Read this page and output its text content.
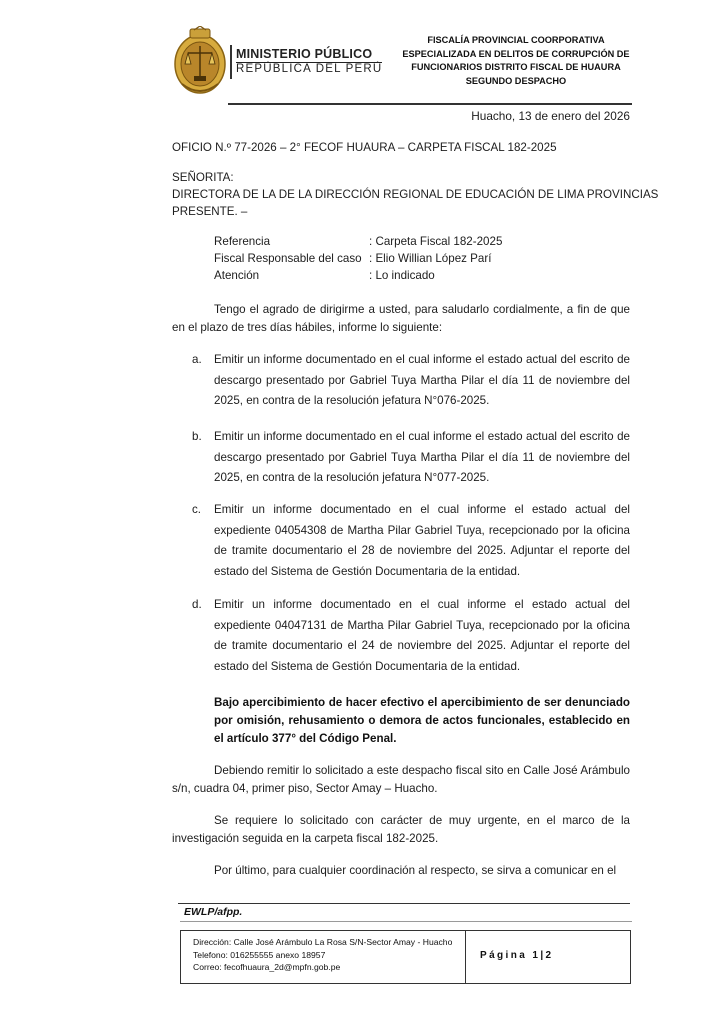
MINISTERIO PÚBLICO
REPÚBLICA DEL PERÚ
FISCALÍA PROVINCIAL COORPORATIVA
ESPECIALIZADA EN DELITOS DE CORRUPCIÓN DE
FUNCIONARIOS DISTRITO FISCAL DE HUAURA
SEGUNDO DESPACHO
Huacho, 13 de enero del 2026
OFICIO N.º 77-2026 – 2° FECOF HUAURA – CARPETA FISCAL 182-2025
SEÑORITA:
DIRECTORA DE LA DE LA DIRECCIÓN REGIONAL DE EDUCACIÓN DE LIMA PROVINCIAS
PRESENTE. –
Referencia	: Carpeta Fiscal 182-2025
Fiscal Responsable del caso : Elio Willian López Parí
Atención	: Lo indicado
Tengo el agrado de dirigirme a usted, para saludarlo cordialmente, a fin de que en el plazo de tres días hábiles, informe lo siguiente:
a.	Emitir un informe documentado en el cual informe el estado actual del escrito de descargo presentado por Gabriel Tuya Martha Pilar el día 11 de noviembre del 2025, en contra de la resolución jefatura N°076-2025.
b.	Emitir un informe documentado en el cual informe el estado actual del escrito de descargo presentado por Gabriel Tuya Martha Pilar el día 11 de noviembre del 2025, en contra de la resolución jefatura N°077-2025.
c.	Emitir un informe documentado en el cual informe el estado actual del expediente 04054308 de Martha Pilar Gabriel Tuya, recepcionado por la oficina de tramite documentario el 28 de noviembre del 2025. Adjuntar el reporte del estado del Sistema de Gestión Documentaria de la entidad.
d.	Emitir un informe documentado en el cual informe el estado actual del expediente 04047131 de Martha Pilar Gabriel Tuya, recepcionado por la oficina de tramite documentario el 24 de noviembre del 2025. Adjuntar el reporte del estado del Sistema de Gestión Documentaria de la entidad.
Bajo apercibimiento de hacer efectivo el apercibimiento de ser denunciado por omisión, rehusamiento o demora de actos funcionales, establecido en el artículo 377° del Código Penal.
Debiendo remitir lo solicitado a este despacho fiscal sito en Calle José Arámbulo s/n, cuadra 04, primer piso, Sector Amay – Huacho.
Se requiere lo solicitado con carácter de muy urgente, en el marco de la investigación seguida en la carpeta fiscal 182-2025.
Por último, para cualquier coordinación al respecto, se sirva a comunicar en el
EWLP/afpp.
Dirección: Calle José Arámbulo La Rosa S/N-Sector Amay - Huacho
Telefono: 016255555 anexo 18957
Correo: fecofhuaura_2d@mpfn.gob.pe
Página 1|2
